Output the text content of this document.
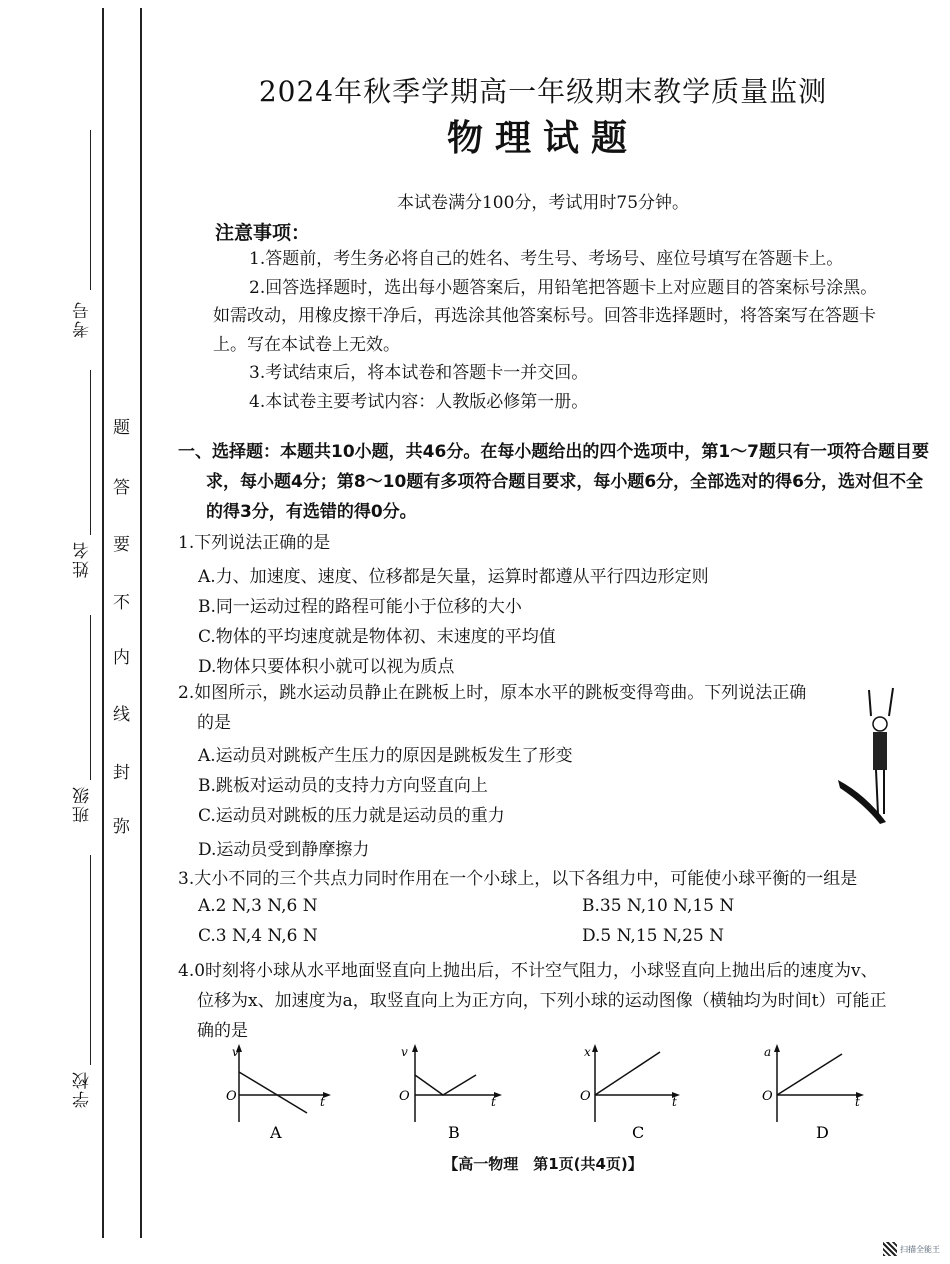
考号
姓名
班级
学校
题
答
要
不
内
线
封
弥
2024年秋季学期高一年级期末教学质量监测
物理试题
本试卷满分100分，考试用时75分钟。
注意事项：

1.答题前，考生务必将自己的姓名、考生号、考场号、座位号填写在答题卡上。

2.回答选择题时，选出每小题答案后，用铅笔把答题卡上对应题目的答案标号涂黑。如需改动，用橡皮擦干净后，再选涂其他答案标号。回答非选择题时，将答案写在答题卡上。写在本试卷上无效。

3.考试结束后，将本试卷和答题卡一并交回。

4.本试卷主要考试内容：人教版必修第一册。

一、选择题：本题共10小题，共46分。在每小题给出的四个选项中，第1～7题只有一项符合题目要求，每小题4分；第8～10题有多项符合题目要求，每小题6分，全部选对的得6分，选对但不全的得3分，有选错的得0分。
1.下列说法正确的是
A.力、加速度、速度、位移都是矢量，运算时都遵从平行四边形定则
B.同一运动过程的路程可能小于位移的大小
C.物体的平均速度就是物体初、末速度的平均值
D.物体只要体积小就可以视为质点
2.如图所示，跳水运动员静止在跳板上时，原本水平的跳板变得弯曲。下列说法正确
的是
A.运动员对跳板产生压力的原因是跳板发生了形变
B.跳板对运动员的支持力方向竖直向上
C.运动员对跳板的压力就是运动员的重力
D.运动员受到静摩擦力
3.大小不同的三个共点力同时作用在一个小球上，以下各组力中，可能使小球平衡的一组是
A.2 N,3 N,6 N	B.35 N,10 N,15 N
C.3 N,4 N,6 N	D.5 N,15 N,25 N
4.0时刻将小球从水平地面竖直向上抛出后，不计空气阻力，小球竖直向上抛出后的速度为v、
位移为x、加速度为a，取竖直向上为正方向，下列小球的运动图像（横轴均为时间t）可能正
确的是
v
O	t
A
v
O	t
B
x
O	t
C
a
O	t
D
【高一物理　第1页(共4页)】
扫描全能王
